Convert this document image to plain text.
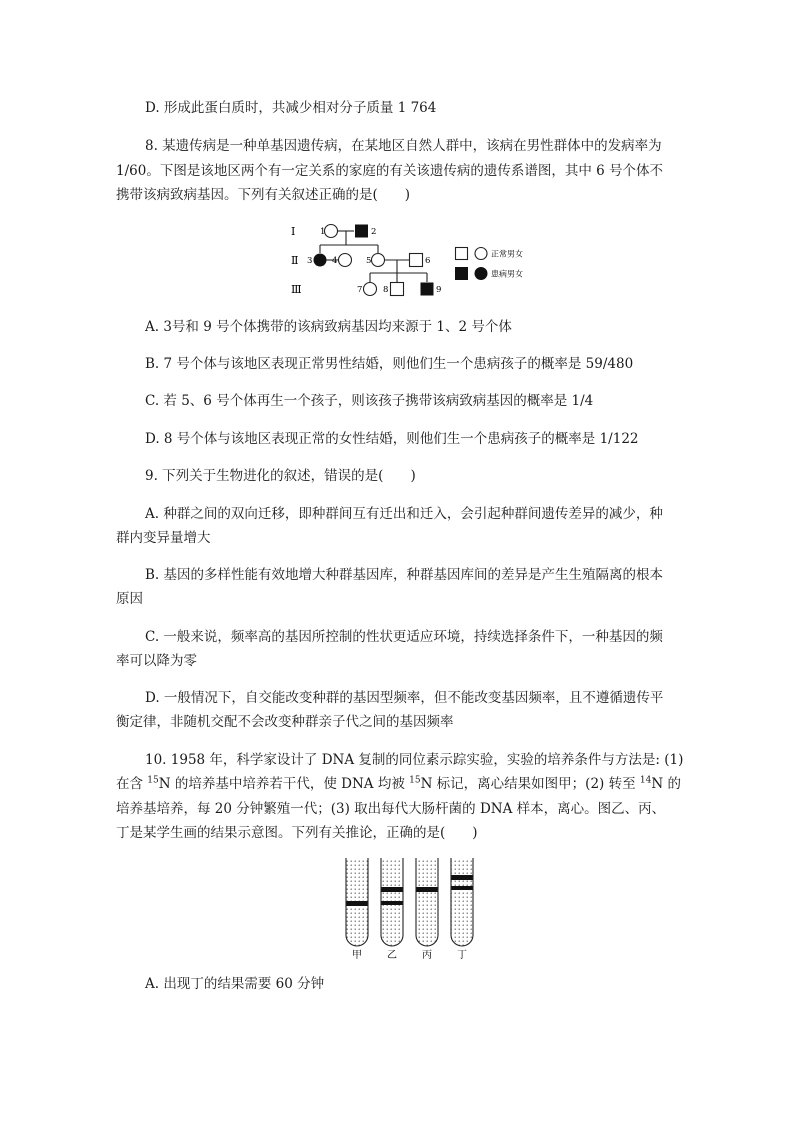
D. 形成此蛋白质时，共减少相对分子质量 1 764
8. 某遗传病是一种单基因遗传病，在某地区自然人群中，该病在男性群体中的发病率为
1/60。下图是该地区两个有一定关系的家庭的有关该遗传病的遗传系谱图，其中 6 号个体不
携带该病致病基因。下列有关叙述正确的是(　　)
Ⅰ
Ⅱ
Ⅲ
1	2
3 4	5	6
7 8	9
正常男女
患病男女
A. 3号和 9 号个体携带的该病致病基因均来源于 1、2 号个体
B. 7 号个体与该地区表现正常男性结婚，则他们生一个患病孩子的概率是 59/480
C. 若 5、6 号个体再生一个孩子，则该孩子携带该病致病基因的概率是 1/4
D. 8 号个体与该地区表现正常的女性结婚，则他们生一个患病孩子的概率是 1/122
9. 下列关于生物进化的叙述，错误的是(　　)
A. 种群之间的双向迁移，即种群间互有迁出和迁入，会引起种群间遗传差异的减少，种
群内变异量增大
B. 基因的多样性能有效地增大种群基因库，种群基因库间的差异是产生生殖隔离的根本
原因
C. 一般来说，频率高的基因所控制的性状更适应环境，持续选择条件下，一种基因的频
率可以降为零
D. 一般情况下，自交能改变种群的基因型频率，但不能改变基因频率，且不遵循遗传平
衡定律，非随机交配不会改变种群亲子代之间的基因频率
10. 1958 年，科学家设计了 DNA 复制的同位素示踪实验，实验的培养条件与方法是: (1)
在含 $^{15}$N 的培养基中培养若干代，使 DNA 均被 $^{15}$N 标记，离心结果如图甲；(2) 转至 $^{14}$N 的
培养基培养，每 20 分钟繁殖一代；(3) 取出每代大肠杆菌的 DNA 样本，离心。图乙、丙、
丁是某学生画的结果示意图。下列有关推论，正确的是(　　)
甲	乙	丙	丁
A. 出现丁的结果需要 60 分钟
